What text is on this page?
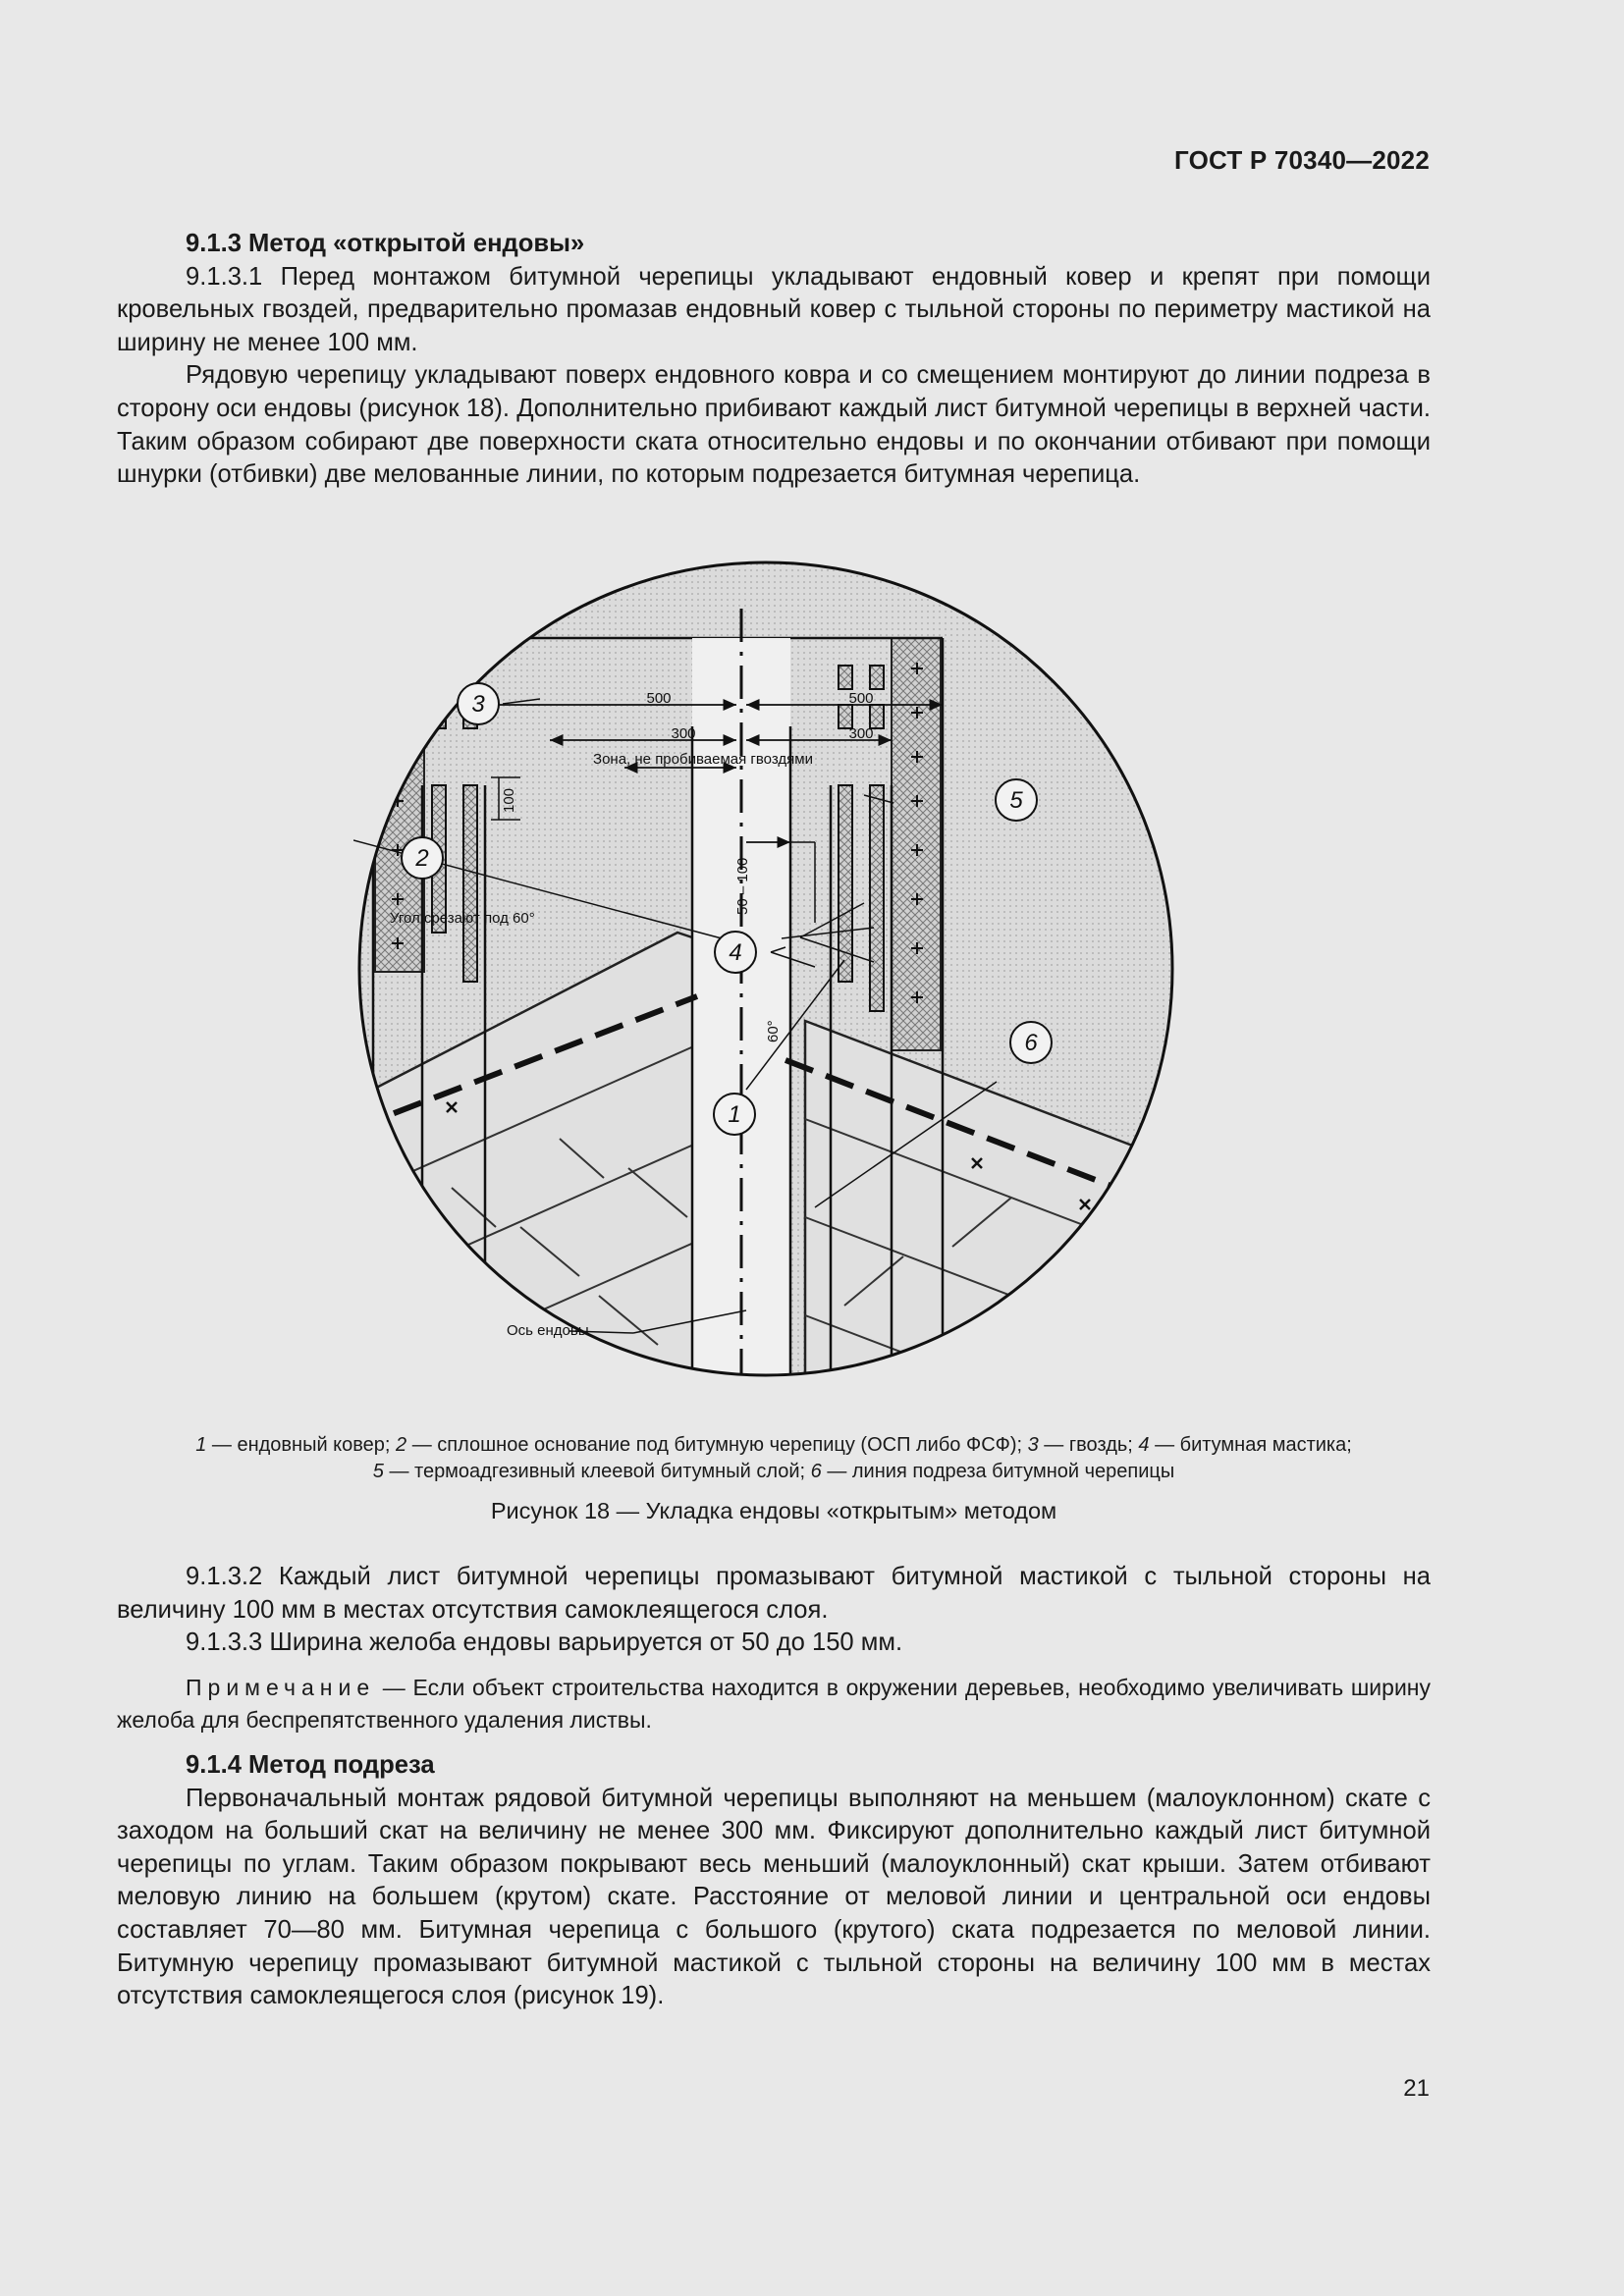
ГОСТ Р 70340—2022

9.1.3 Метод «открытой ендовы»

9.1.3.1 Перед монтажом битумной черепицы укладывают ендовный ковер и крепят при помощи кровельных гвоздей, предварительно промазав ендовный ковер с тыльной стороны по периметру мастикой на ширину не менее 100 мм.

Рядовую черепицу укладывают поверх ендовного ковра и со смещением монтируют до линии подреза в сторону оси ендовы (рисунок 18). Дополнительно прибивают каждый лист битумной черепицы в верхней части. Таким образом собирают две поверхности ската относительно ендовы и по окончании отбивают при помощи шнурки (отбивки) две мелованные линии, по которым подрезается битумная черепица.

3
2
5
4
6
1
500	500
300	300
Зона, не пробиваемая гвоздями
100
50 – 100
Угол срезают под 60°
60°
Ось ендовы
1 — ендовный ковер; 2 — сплошное основание под битумную черепицу (ОСП либо ФСФ); 3 — гвоздь; 4 — битумная мастика;
5 — термоадгезивный клеевой битумный слой; 6 — линия подреза битумной черепицы
Рисунок 18 — Укладка ендовы «открытым» методом

9.1.3.2 Каждый лист битумной черепицы промазывают битумной мастикой с тыльной стороны на величину 100 мм в местах отсутствия самоклеящегося слоя.

9.1.3.3 Ширина желоба ендовы варьируется от 50 до 150 мм.

Примечание — Если объект строительства находится в окружении деревьев, необходимо увеличивать ширину желоба для беспрепятственного удаления листвы.

9.1.4 Метод подреза

Первоначальный монтаж рядовой битумной черепицы выполняют на меньшем (малоуклонном) скате с заходом на больший скат на величину не менее 300 мм. Фиксируют дополнительно каждый лист битумной черепицы по углам. Таким образом покрывают весь меньший (малоуклонный) скат крыши. Затем отбивают меловую линию на большем (крутом) скате. Расстояние от меловой линии и центральной оси ендовы составляет 70—80 мм. Битумная черепица с большого (крутого) ската подрезается по меловой линии. Битумную черепицу промазывают битумной мастикой с тыльной стороны на величину 100 мм в местах отсутствия самоклеящегося слоя (рисунок 19).

21
